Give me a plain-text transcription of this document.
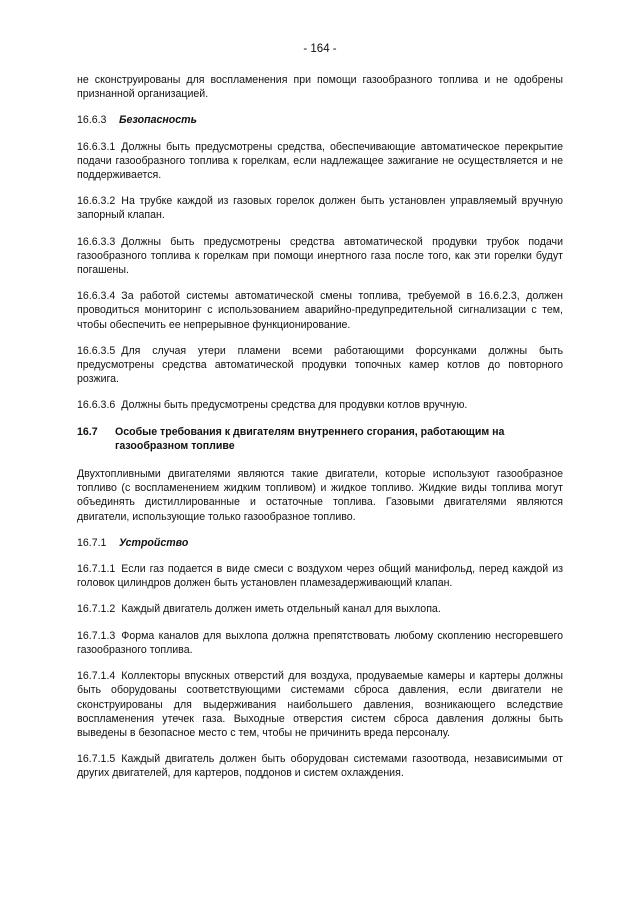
- 164 -

не сконструированы для воспламенения при помощи газообразного топлива и не одобрены признанной организацией.

16.6.3 Безопасность

16.6.3.1 Должны быть предусмотрены средства, обеспечивающие автоматическое перекрытие подачи газообразного топлива к горелкам, если надлежащее зажигание не осуществляется и не поддерживается.

16.6.3.2 На трубке каждой из газовых горелок должен быть установлен управляемый вручную запорный клапан.

16.6.3.3 Должны быть предусмотрены средства автоматической продувки трубок подачи газообразного топлива к горелкам при помощи инертного газа после того, как эти горелки будут погашены.

16.6.3.4 За работой системы автоматической смены топлива, требуемой в 16.6.2.3, должен проводиться мониторинг с использованием аварийно-предупредительной сигнализации с тем, чтобы обеспечить ее непрерывное функционирование.

16.6.3.5 Для случая утери пламени всеми работающими форсунками должны быть предусмотрены средства автоматической продувки топочных камер котлов до повторного розжига.

16.6.3.6 Должны быть предусмотрены средства для продувки котлов вручную.

16.7	Особые требования к двигателям внутреннего сгорания, работающим на газообразном топливе

Двухтопливными двигателями являются такие двигатели, которые используют газообразное топливо (с воспламенением жидким топливом) и жидкое топливо. Жидкие виды топлива могут объединять дистиллированные и остаточные топлива. Газовыми двигателями являются двигатели, использующие только газообразное топливо.

16.7.1 Устройство

16.7.1.1 Если газ подается в виде смеси с воздухом через общий манифольд, перед каждой из головок цилиндров должен быть установлен пламезадерживающий клапан.

16.7.1.2 Каждый двигатель должен иметь отдельный канал для выхлопа.

16.7.1.3 Форма каналов для выхлопа должна препятствовать любому скоплению несгоревшего газообразного топлива.

16.7.1.4 Коллекторы впускных отверстий для воздуха, продуваемые камеры и картеры должны быть оборудованы соответствующими системами сброса давления, если двигатели не сконструированы для выдерживания наибольшего давления, возникающего вследствие воспламенения утечек газа. Выходные отверстия систем сброса давления должны быть выведены в безопасное место с тем, чтобы не причинить вреда персоналу.

16.7.1.5 Каждый двигатель должен быть оборудован системами газоотвода, независимыми от других двигателей, для картеров, поддонов и систем охлаждения.
